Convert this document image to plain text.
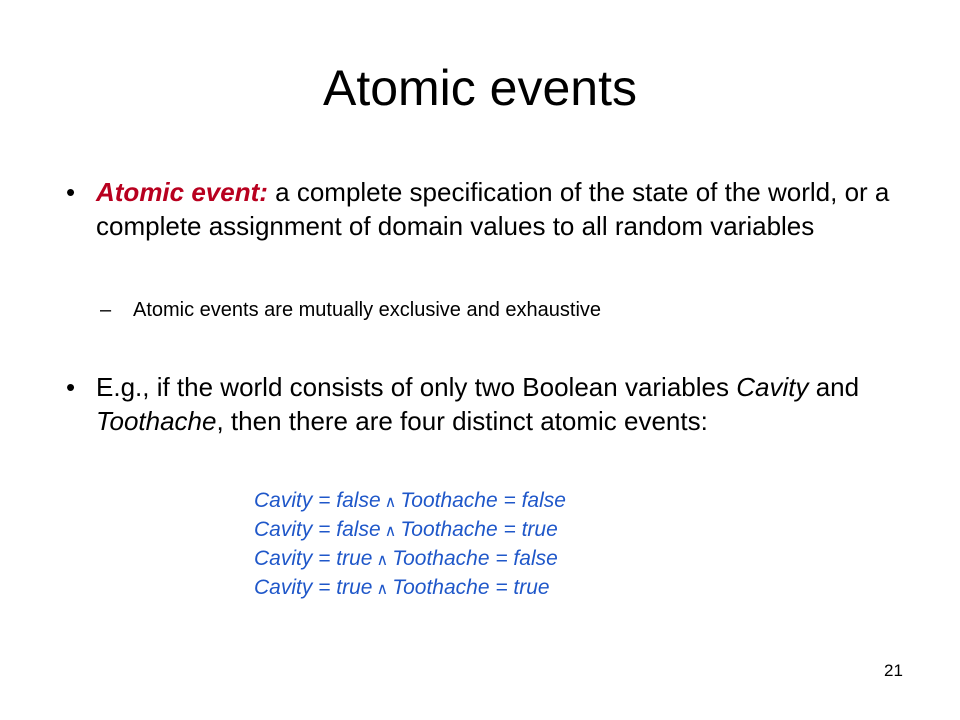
Atomic events
• Atomic event: a complete specification of the state of the world, or a complete assignment of domain values to all random variables
– Atomic events are mutually exclusive and exhaustive
• E.g., if the world consists of only two Boolean variables Cavity and Toothache, then there are four distinct atomic events:
Cavity = false ∧ Toothache = false
Cavity = false ∧ Toothache = true
Cavity = true ∧ Toothache = false
Cavity = true ∧ Toothache = true
21
